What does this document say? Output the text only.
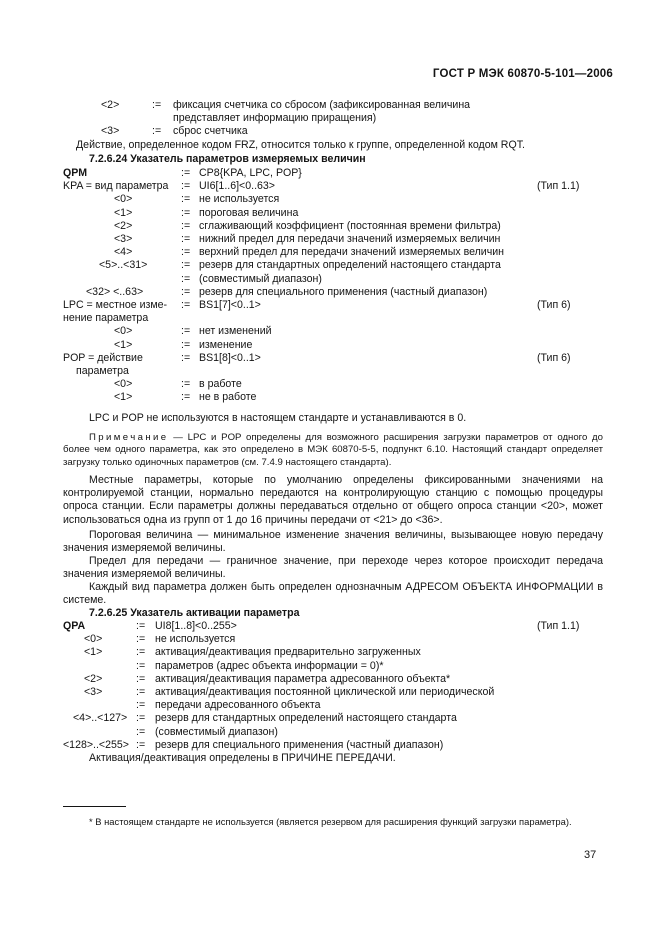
ГОСТ Р МЭК 60870-5-101—2006
<2>	:= фиксация счетчика со сбросом (зафиксированная величина
представляет информацию приращения)
<3>	:= сброс счетчика
Действие, определенное кодом FRZ, относится только к группе, определенной кодом RQT.
7.2.6.24 Указатель параметров измеряемых величин
QPM	:= CP8{KPA, LPC, POP}
KPA = вид параметра := UI6[1..6]<0..63>	(Тип 1.1)
<0>	:= не используется
<1>	:= пороговая величина
<2>	:= сглаживающий коэффициент (постоянная времени фильтра)
<3>	:= нижний предел для передачи значений измеряемых величин
<4>	:= верхний предел для передачи значений измеряемых величин
<5>..<31>	:= резерв для стандартных определений настоящего стандарта
:= (совместимый диапазон)
<32> <..63>	:= резерв для специального применения (частный диапазон)
LPC = местное изме- := BS1[7]<0..1>	(Тип 6)
нение параметра
<0>	:= нет изменений
<1>	:= изменение
POP = действие	:= BS1[8]<0..1>	(Тип 6)
параметра
<0>	:= в работе
<1>	:= не в работе
LPC и POP не используются в настоящем стандарте и устанавливаются в 0.
Примечание — LPC и POP определены для возможного расширения загрузки параметров от одного до более чем одного параметра, как это определено в МЭК 60870-5-5, подпункт 6.10. Настоящий стандарт определяет загрузку только одиночных параметров (см. 7.4.9 настоящего стандарта).
Местные параметры, которые по умолчанию определены фиксированными значениями на контролируемой станции, нормально передаются на контролирующую станцию с помощью процедуры опроса станции. Если параметры должны передаваться отдельно от общего опроса станции <20>, может использоваться одна из групп от 1 до 16 причины передачи от <21> до <36>.
Пороговая величина — минимальное изменение значения величины, вызывающее новую передачу значения измеряемой величины.
Предел для передачи — граничное значение, при переходе через которое происходит передача значения измеряемой величины.
Каждый вид параметра должен быть определен однозначным АДРЕСОМ ОБЪЕКТА ИНФОРМАЦИИ в системе.
7.2.6.25 Указатель активации параметра
QPA	:= UI8[1..8]<0..255>	(Тип 1.1)
<0>	:= не используется
<1>	:= активация/деактивация предварительно загруженных
:= параметров (адрес объекта информации = 0)*
<2>	:= активация/деактивация параметра адресованного объекта*
<3>	:= активация/деактивация постоянной циклической или периодической
:= передачи адресованного объекта
<4>..<127> := резерв для стандартных определений настоящего стандарта
:= (совместимый диапазон)
<128>..<255> := резерв для специального применения (частный диапазон)
Активация/деактивация определены в ПРИЧИНЕ ПЕРЕДАЧИ.
* В настоящем стандарте не используется (является резервом для расширения функций загрузки параметра).
37
